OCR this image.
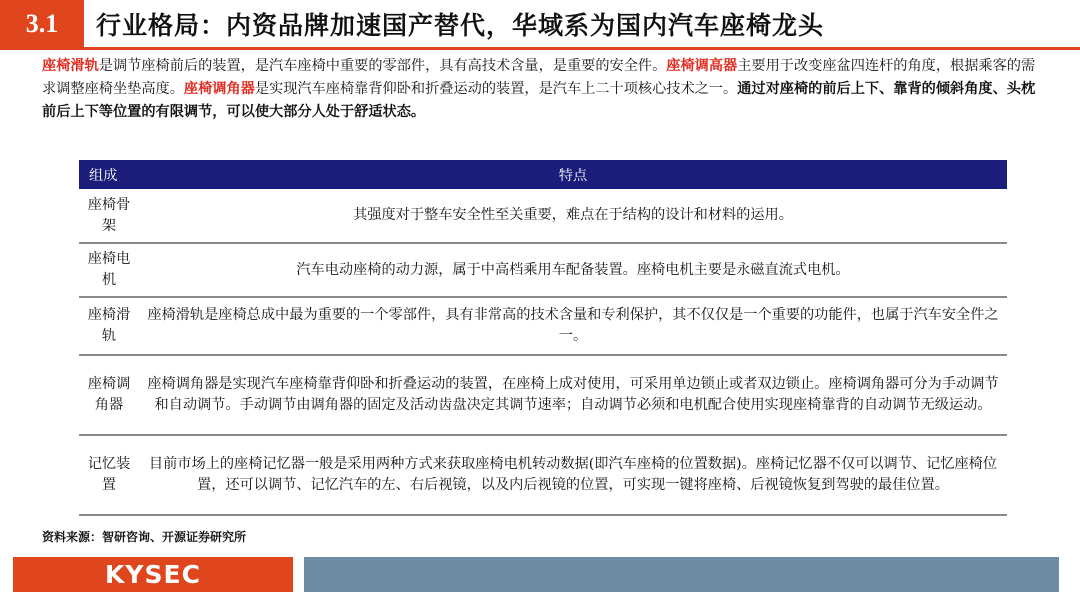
3.1	行业格局：内资品牌加速国产替代，华域系为国内汽车座椅龙头
座椅滑轨是调节座椅前后的装置，是汽车座椅中重要的零部件，具有高技术含量，是重要的安全件。座椅调高器主要用于改变座盆四连杆的角度，根据乘客的需求调整座椅坐垫高度。座椅调角器是实现汽车座椅靠背仰卧和折叠运动的装置，是汽车上二十项核心技术之一。通过对座椅的前后上下、靠背的倾斜角度、头枕前后上下等位置的有限调节，可以使大部分人处于舒适状态。
组成	特点
座椅骨架	其强度对于整车安全性至关重要，难点在于结构的设计和材料的运用。
座椅电机	汽车电动座椅的动力源，属于中高档乘用车配备装置。座椅电机主要是永磁直流式电机。
座椅滑轨	座椅滑轨是座椅总成中最为重要的一个零部件，具有非常高的技术含量和专利保护，其不仅仅是一个重要的功能件，也属于汽车安全件之一。
座椅调角器	座椅调角器是实现汽车座椅靠背仰卧和折叠运动的装置，在座椅上成对使用，可采用单边锁止或者双边锁止。座椅调角器可分为手动调节和自动调节。手动调节由调角器的固定及活动齿盘决定其调节速率；自动调节必须和电机配合使用实现座椅靠背的自动调节无级运动。
记忆装置	目前市场上的座椅记忆器一般是采用两种方式来获取座椅电机转动数据(即汽车座椅的位置数据)。座椅记忆器不仅可以调节、记忆座椅位置，还可以调节、记忆汽车的左、右后视镜，以及内后视镜的位置，可实现一键将座椅、后视镜恢复到驾驶的最佳位置。
资料来源：智研咨询、开源证券研究所
KYSEC
